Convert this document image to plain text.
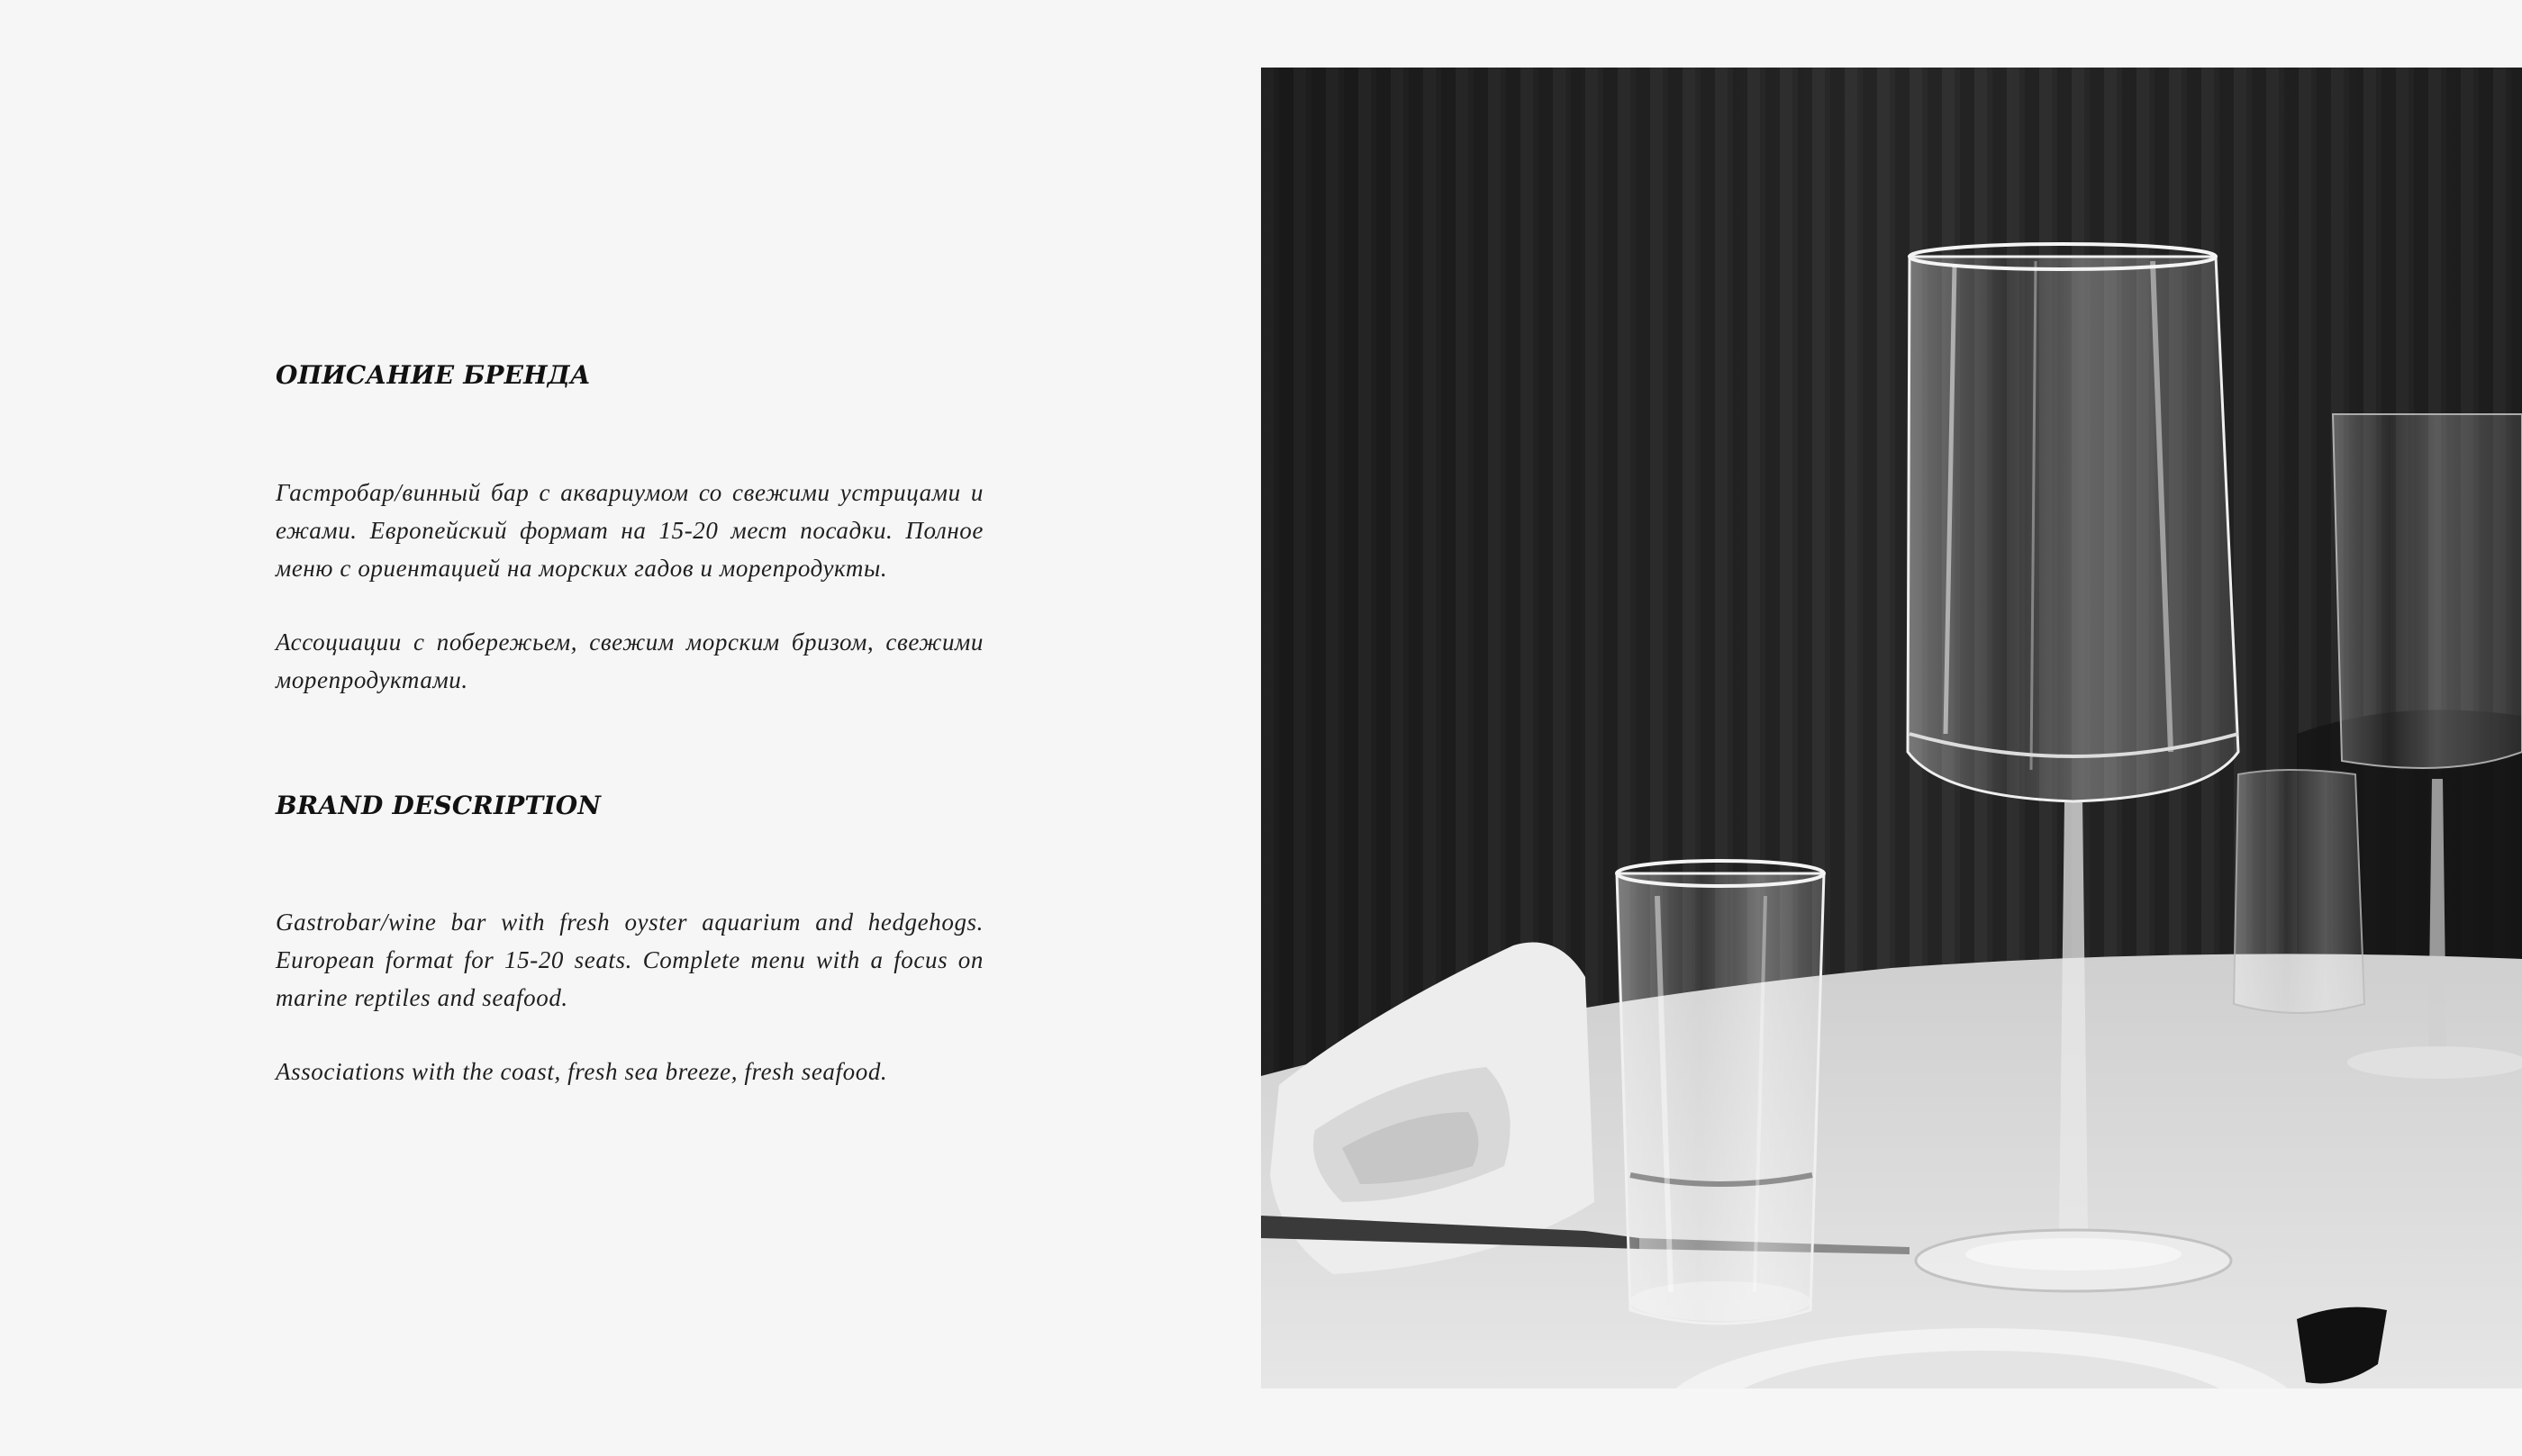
ОПИСАНИЕ БРЕНДА

Гастробар/винный бар с аквариумом со свежими устрицами и ежами. Европейский формат на 15-20 мест посадки. Полное меню с ориентацией на морских гадов и морепродукты.

Ассоциации с побережьем, свежим морским бризом, свежими морепродуктами.

BRAND DESCRIPTION

Gastrobar/wine bar with fresh oyster aquarium and hedgehogs. European format for 15-20 seats. Complete menu with a focus on marine reptiles and seafood.

Associations with the coast, fresh sea breeze, fresh seafood.
